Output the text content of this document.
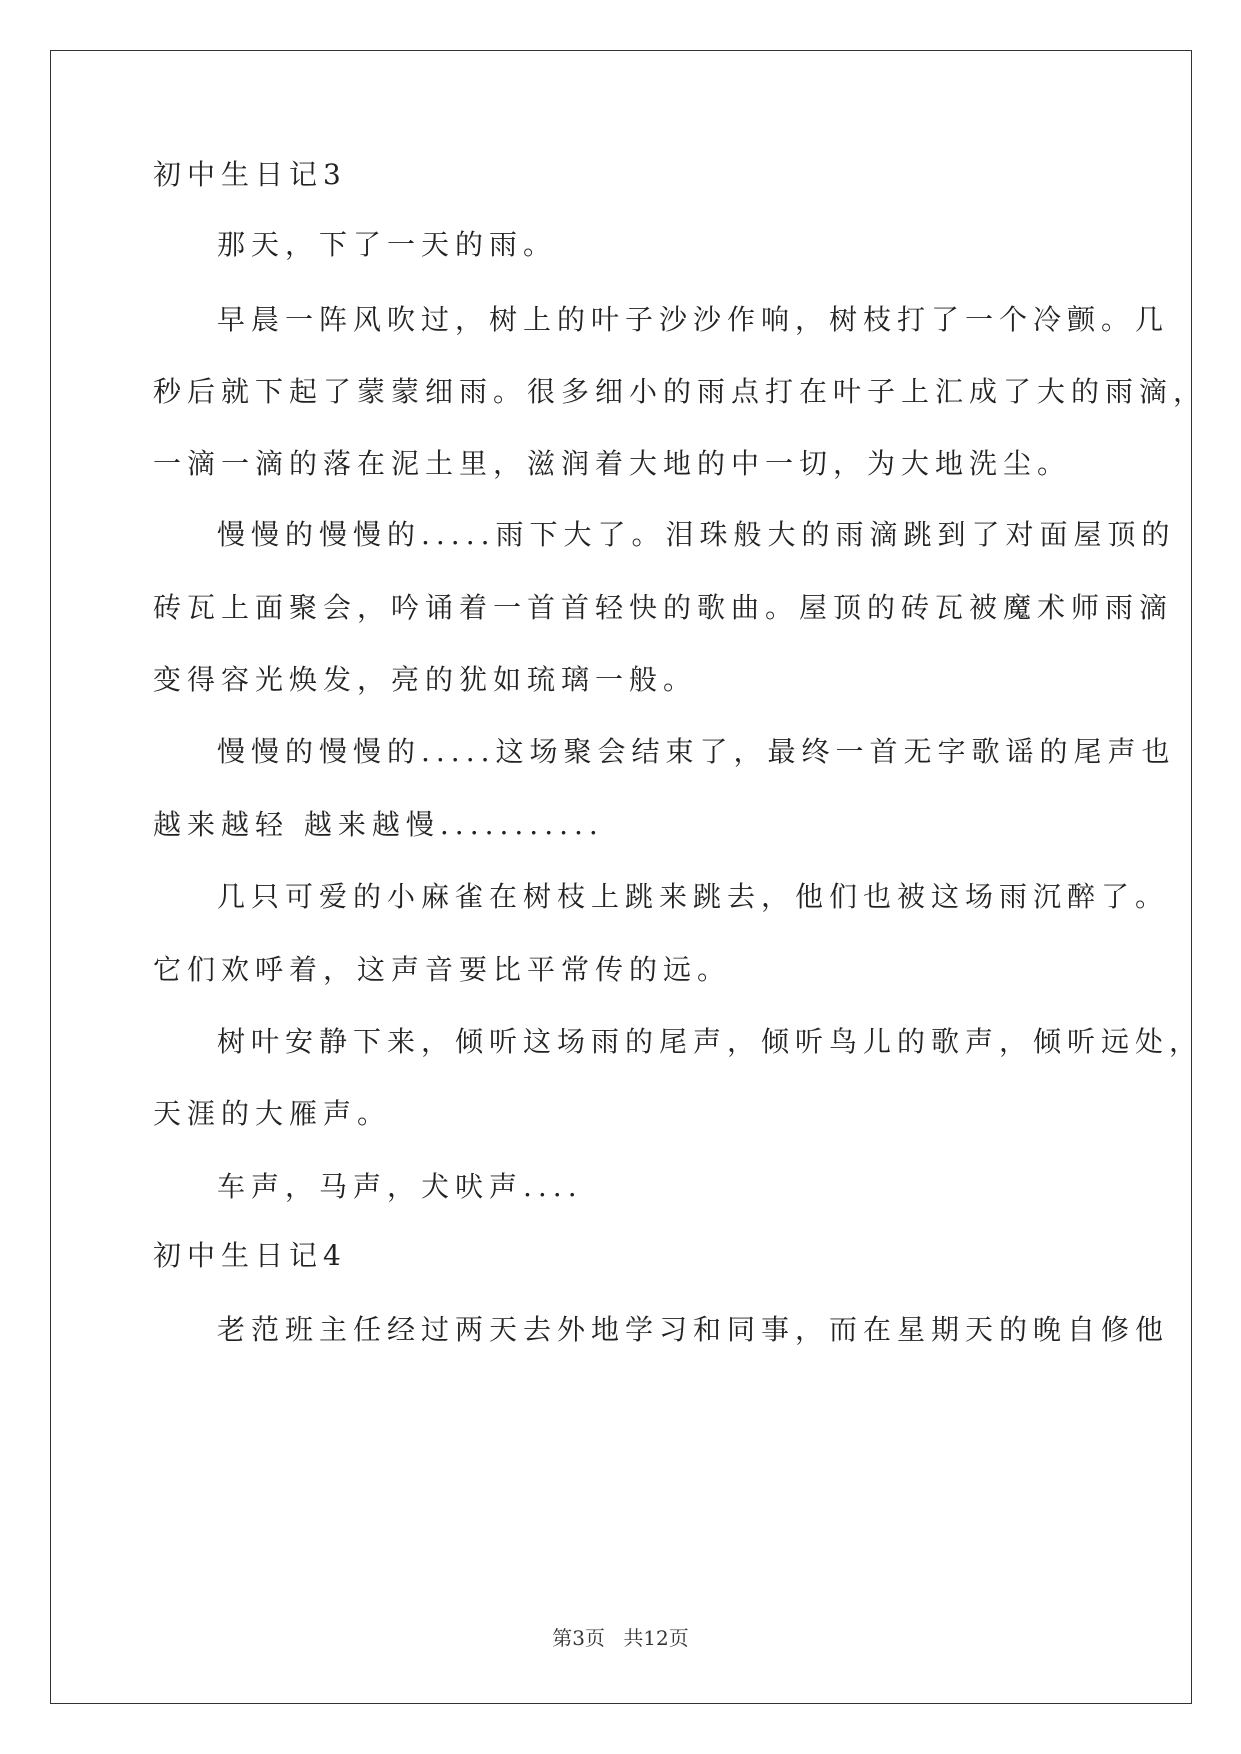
初中生日记3
那天，下了一天的雨。
早晨一阵风吹过，树上的叶子沙沙作响，树枝打了一个冷颤。几
秒后就下起了蒙蒙细雨。很多细小的雨点打在叶子上汇成了大的雨滴，
一滴一滴的落在泥土里，滋润着大地的中一切，为大地洗尘。
慢慢的慢慢的.....雨下大了。泪珠般大的雨滴跳到了对面屋顶的
砖瓦上面聚会，吟诵着一首首轻快的歌曲。屋顶的砖瓦被魔术师雨滴
变得容光焕发，亮的犹如琉璃一般。
慢慢的慢慢的.....这场聚会结束了，最终一首无字歌谣的尾声也
越来越轻 越来越慢...........
几只可爱的小麻雀在树枝上跳来跳去，他们也被这场雨沉醉了。
它们欢呼着，这声音要比平常传的远。
树叶安静下来，倾听这场雨的尾声，倾听鸟儿的歌声，倾听远处，
天涯的大雁声。
车声，马声，犬吠声....
初中生日记4
老范班主任经过两天去外地学习和同事，而在星期天的晚自修他
第3页 共12页
